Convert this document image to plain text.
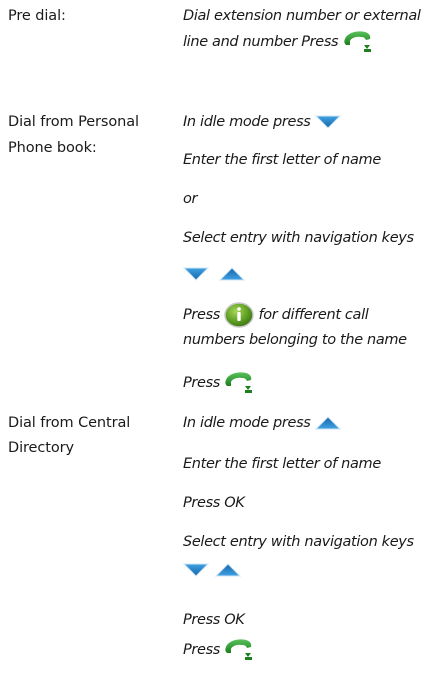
Pre dial:	Dial extension number or external
line and number Press
Dial from Personal
Phone book:
In idle mode press
Enter the first letter of name
or
Select entry with navigation keys

Press	for different call
numbers belonging to the name
Press
Dial from Central
Directory
In idle mode press
Enter the first letter of name
Press OK
Select entry with navigation keys

Press OK
Press
